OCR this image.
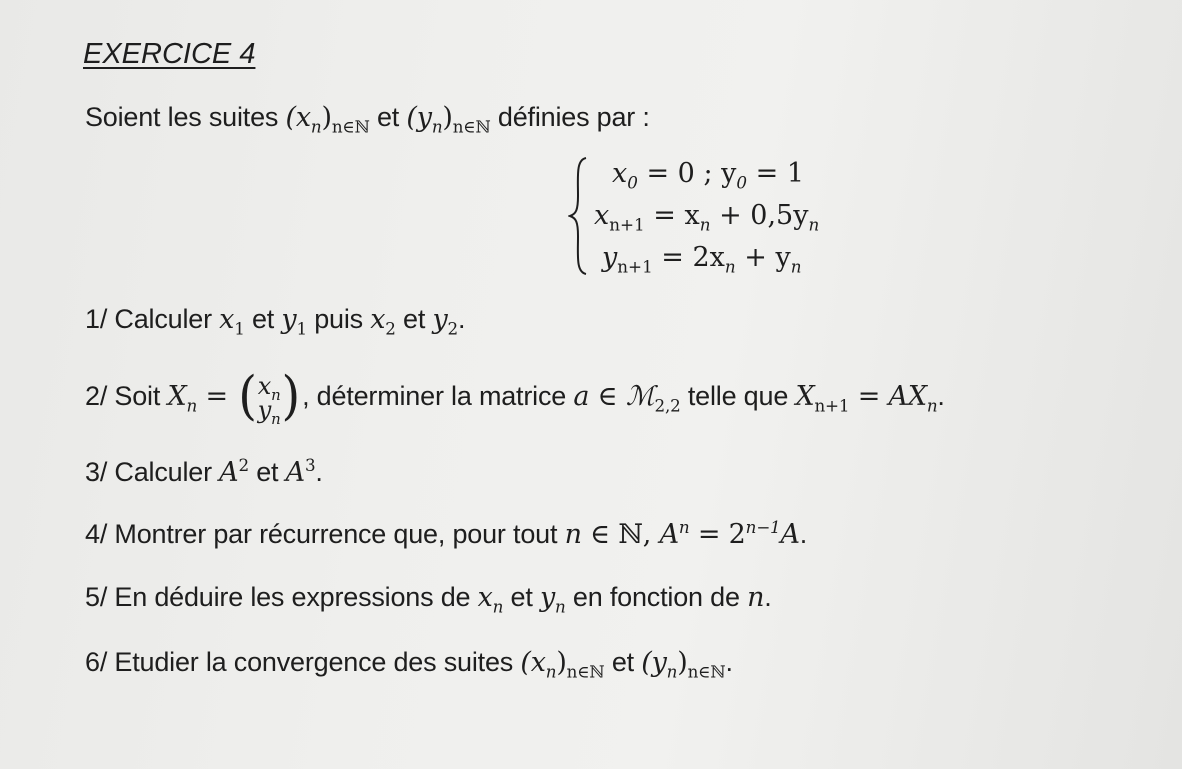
EXERCICE 4
Soient les suites $(x_n)_{n\in ℕ}$ et $(y_n)_{n\in ℕ}$ définies par :
$x_0 = 0$ ; $y_0 = 1$
$x_{n+1} = x_n + 0,5y_n$
$y_{n+1} = 2x_n + y_n$
1/ Calculer $x_1$ et $y_1$ puis $x_2$ et $y_2$.
2/ Soit $X_n$ = ( $x_n$
$y_n$ ) , déterminer la matrice a ∈ ℳ$_{2,2}$ telle que $X_{n+1} = AX_n$.
3/ Calculer $A^2$ et $A^3$.
4/ Montrer par récurrence que, pour tout n ∈ ℕ, $A^n = 2^{n-1}A$.
5/ En déduire les expressions de $x_n$ et $y_n$ en fonction de n.
6/ Etudier la convergence des suites $(x_n)_{n\in ℕ}$ et $(y_n)_{n\in ℕ}$.
